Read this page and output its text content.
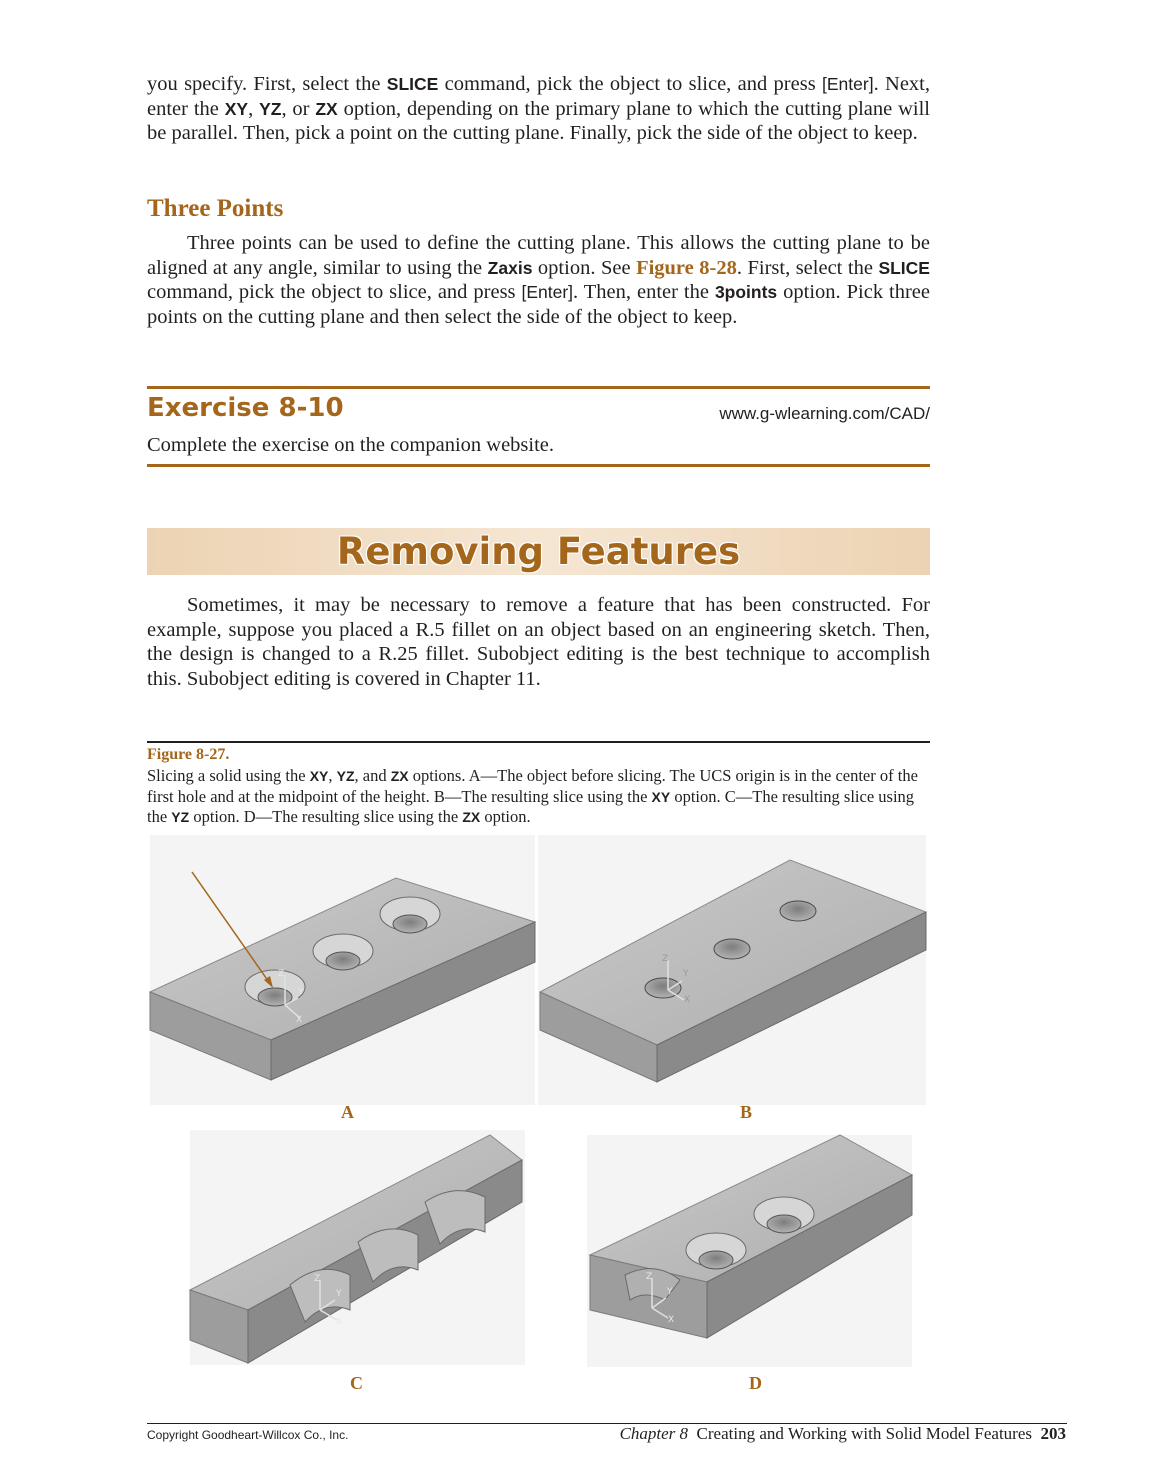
you specify. First, select the SLICE command, pick the object to slice, and press [Enter]. Next, enter the XY, YZ, or ZX option, depending on the primary plane to which the cutting plane will be parallel. Then, pick a point on the cutting plane. Finally, pick the side of the object to keep.

Three Points

Three points can be used to define the cutting plane. This allows the cutting plane to be aligned at any angle, similar to using the Zaxis option. See Figure 8-28. First, select the SLICE command, pick the object to slice, and press [Enter]. Then, enter the 3points option. Pick three points on the cutting plane and then select the side of the object to keep.

Exercise 8-10	www.g-wlearning.com/CAD/
Complete the exercise on the companion website.
Removing Features

Sometimes, it may be necessary to remove a feature that has been constructed. For example, suppose you placed a R.5 fillet on an object based on an engineering sketch. Then, the design is changed to a R.25 fillet. Subobject editing is the best technique to accomplish this. Subobject editing is covered in Chapter 11.

Figure 8-27.

Slicing a solid using the XY, YZ, and ZX options. A—The object before slicing. The UCS origin is in the center of the first hole and at the midpoint of the height. B—The resulting slice using the XY option. C—The resulting slice using the YZ option. D—The resulting slice using the ZX option.

Z
Y
X
Z
Y
X
Z
Y
X
Z
Y
X
A	B
C	D
Copyright Goodheart-Willcox Co., Inc.	Chapter 8 Creating and Working with Solid Model Features 203
